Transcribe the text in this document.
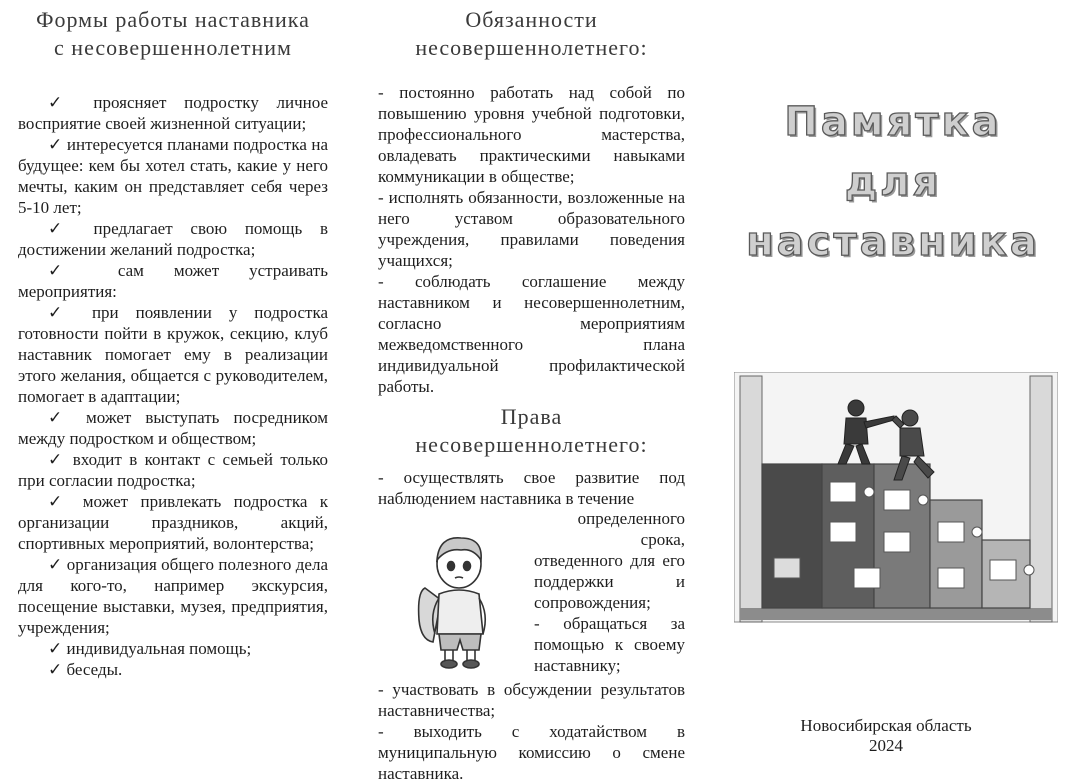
Формы работы наставника
с несовершеннолетним
✓ проясняет подростку личное восприятие своей жизненной ситуации;
✓ интересуется планами подростка на будущее: кем бы хотел стать, какие у него мечты, каким он представляет себя через 5-10 лет;
✓ предлагает свою помощь в достижении желаний подростка;
✓ сам может устраивать мероприятия:
✓ при появлении у подростка готовности пойти в кружок, секцию, клуб наставник помогает ему в реализации этого желания, общается с руководителем, помогает в адаптации;
✓ может выступать посредником между подростком и обществом;
✓ входит в контакт с семьей только при согласии подростка;
✓ может привлекать подростка к организации праздников, акций, спортивных мероприятий, волонтерства;
✓ организация общего полезного дела для кого-то, например экскурсия, посещение выставки, музея, предприятия, учреждения;
✓ индивидуальная помощь;
✓ беседы.
Обязанности
несовершеннолетнего:

- постоянно работать над собой по повышению уровня учебной подготовки, профессионального мастерства, овладевать практическими навыками коммуникации в обществе;

- исполнять обязанности, возложенные на него уставом образовательного учреждения, правилами поведения учащихся;

- соблюдать соглашение между наставником и несовершеннолетним, согласно мероприятиям межведомственного плана индивидуальной профилактической работы.

Права
несовершеннолетнего:

- осуществлять свое развитие под наблюдением наставника в течение

определенного
срока,
отведенного для его поддержки и сопровождения;
- обращаться за помощью к своему наставнику;

- участвовать в обсуждении результатов наставничества;

- выходить с ходатайством в муниципальную комиссию о смене наставника.

Памятка для
наставника
Новосибирская область
2024
